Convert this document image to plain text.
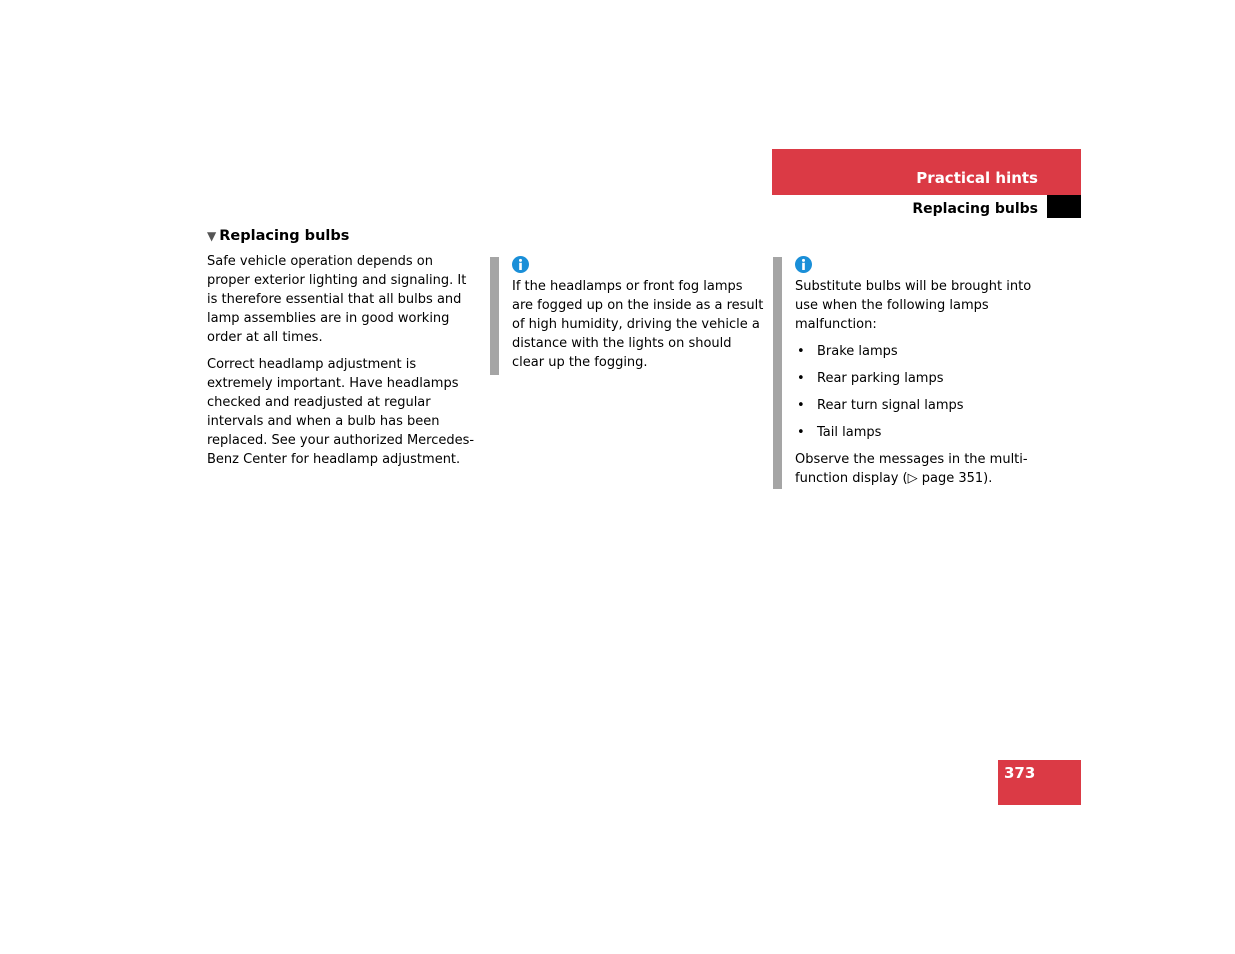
Practical hints
Replacing bulbs
▼ Replacing bulbs

Safe vehicle operation depends on proper exterior lighting and signaling. It is therefore essential that all bulbs and lamp assemblies are in good working order at all times.

Correct headlamp adjustment is extremely important. Have headlamps checked and readjusted at regular intervals and when a bulb has been replaced. See your authorized Mercedes-Benz Center for headlamp adjustment.

If the headlamps or front fog lamps are fogged up on the inside as a result of high humidity, driving the vehicle a distance with the lights on should clear up the fogging.

Substitute bulbs will be brought into use when the following lamps malfunction:

• Brake lamps
• Rear parking lamps
• Rear turn signal lamps
• Tail lamps

Observe the messages in the multifunction display (▷ page 351).

373
